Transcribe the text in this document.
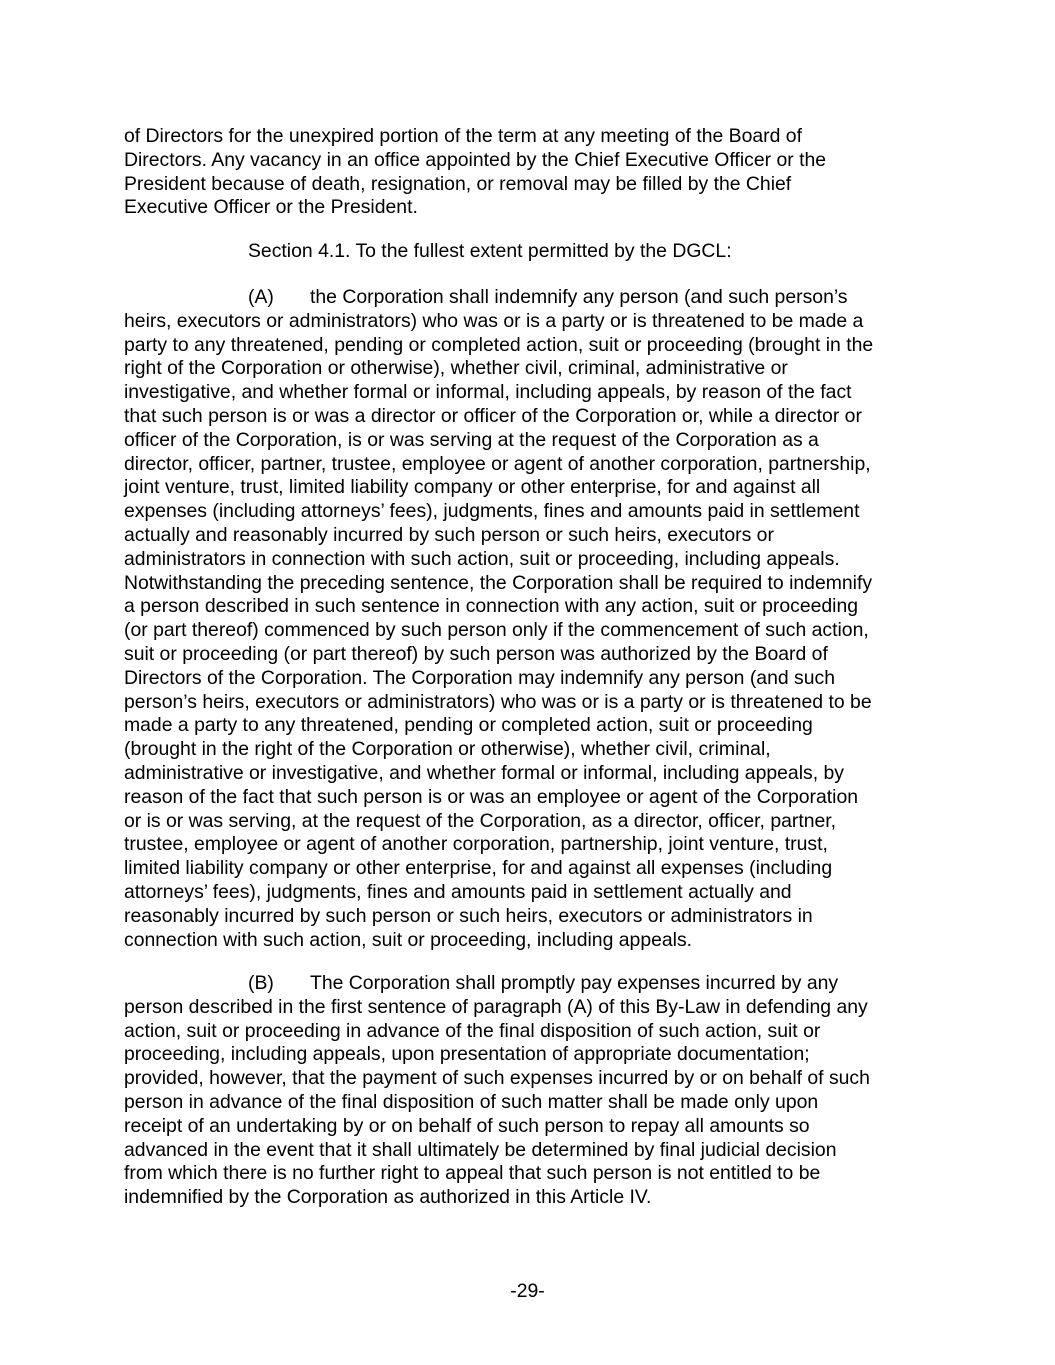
of Directors for the unexpired portion of the term at any meeting of the Board of
Directors. Any vacancy in an office appointed by the Chief Executive Officer or the
President because of death, resignation, or removal may be filled by the Chief
Executive Officer or the President.

Section 4.1. To the fullest extent permitted by the DGCL:

(A) the Corporation shall indemnify any person (and such person’s
heirs, executors or administrators) who was or is a party or is threatened to be made a
party to any threatened, pending or completed action, suit or proceeding (brought in the
right of the Corporation or otherwise), whether civil, criminal, administrative or
investigative, and whether formal or informal, including appeals, by reason of the fact
that such person is or was a director or officer of the Corporation or, while a director or
officer of the Corporation, is or was serving at the request of the Corporation as a
director, officer, partner, trustee, employee or agent of another corporation, partnership,
joint venture, trust, limited liability company or other enterprise, for and against all
expenses (including attorneys’ fees), judgments, fines and amounts paid in settlement
actually and reasonably incurred by such person or such heirs, executors or
administrators in connection with such action, suit or proceeding, including appeals.
Notwithstanding the preceding sentence, the Corporation shall be required to indemnify
a person described in such sentence in connection with any action, suit or proceeding
(or part thereof) commenced by such person only if the commencement of such action,
suit or proceeding (or part thereof) by such person was authorized by the Board of
Directors of the Corporation. The Corporation may indemnify any person (and such
person’s heirs, executors or administrators) who was or is a party or is threatened to be
made a party to any threatened, pending or completed action, suit or proceeding
(brought in the right of the Corporation or otherwise), whether civil, criminal,
administrative or investigative, and whether formal or informal, including appeals, by
reason of the fact that such person is or was an employee or agent of the Corporation
or is or was serving, at the request of the Corporation, as a director, officer, partner,
trustee, employee or agent of another corporation, partnership, joint venture, trust,
limited liability company or other enterprise, for and against all expenses (including
attorneys’ fees), judgments, fines and amounts paid in settlement actually and
reasonably incurred by such person or such heirs, executors or administrators in
connection with such action, suit or proceeding, including appeals.
(B) The Corporation shall promptly pay expenses incurred by any
person described in the first sentence of paragraph (A) of this By-Law in defending any
action, suit or proceeding in advance of the final disposition of such action, suit or
proceeding, including appeals, upon presentation of appropriate documentation;
provided, however, that the payment of such expenses incurred by or on behalf of such
person in advance of the final disposition of such matter shall be made only upon
receipt of an undertaking by or on behalf of such person to repay all amounts so
advanced in the event that it shall ultimately be determined by final judicial decision
from which there is no further right to appeal that such person is not entitled to be
indemnified by the Corporation as authorized in this Article IV.
-29-
